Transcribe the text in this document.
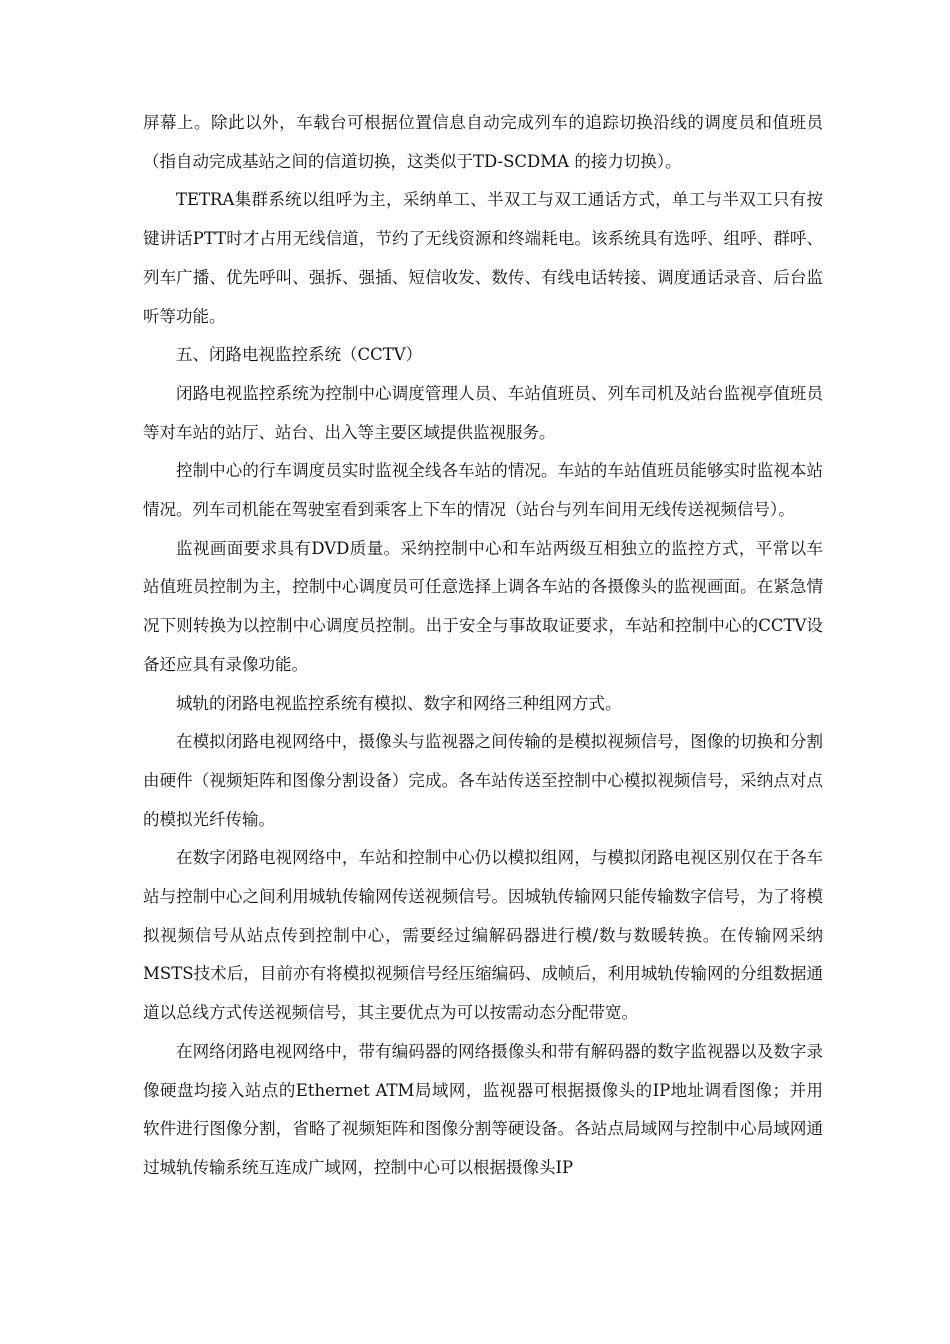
屏幕上。除此以外，车载台可根据位置信息自动完成列车的追踪切换沿线的调度员和值班员（指自动完成基站之间的信道切换，这类似于TD-SCDMA 的接力切换）。

TETRA集群系统以组呼为主，采纳单工、半双工与双工通话方式，单工与半双工只有按键讲话PTT时才占用无线信道，节约了无线资源和终端耗电。该系统具有选呼、组呼、群呼、列车广播、优先呼叫、强拆、强插、短信收发、数传、有线电话转接、调度通话录音、后台监听等功能。

五、闭路电视监控系统（CCTV）

闭路电视监控系统为控制中心调度管理人员、车站值班员、列车司机及站台监视亭值班员等对车站的站厅、站台、出入等主要区域提供监视服务。

控制中心的行车调度员实时监视全线各车站的情况。车站的车站值班员能够实时监视本站情况。列车司机能在驾驶室看到乘客上下车的情况（站台与列车间用无线传送视频信号）。

监视画面要求具有DVD质量。采纳控制中心和车站两级互相独立的监控方式，平常以车站值班员控制为主，控制中心调度员可任意选择上调各车站的各摄像头的监视画面。在紧急情况下则转换为以控制中心调度员控制。出于安全与事故取证要求，车站和控制中心的CCTV设备还应具有录像功能。

城轨的闭路电视监控系统有模拟、数字和网络三种组网方式。

在模拟闭路电视网络中，摄像头与监视器之间传输的是模拟视频信号，图像的切换和分割由硬件（视频矩阵和图像分割设备）完成。各车站传送至控制中心模拟视频信号，采纳点对点的模拟光纤传输。

在数字闭路电视网络中，车站和控制中心仍以模拟组网，与模拟闭路电视区别仅在于各车站与控制中心之间利用城轨传输网传送视频信号。因城轨传输网只能传输数字信号，为了将模拟视频信号从站点传到控制中心，需要经过编解码器进行模/数与数暖转换。在传输网采纳MSTS技术后，目前亦有将模拟视频信号经压缩编码、成帧后，利用城轨传输网的分组数据通道以总线方式传送视频信号，其主要优点为可以按需动态分配带宽。

在网络闭路电视网络中，带有编码器的网络摄像头和带有解码器的数字监视器以及数字录像硬盘均接入站点的Ethernet ATM局域网，监视器可根据摄像头的IP地址调看图像；并用软件进行图像分割，省略了视频矩阵和图像分割等硬设备。各站点局域网与控制中心局域网通过城轨传输系统互连成广域网，控制中心可以根据摄像头IP
